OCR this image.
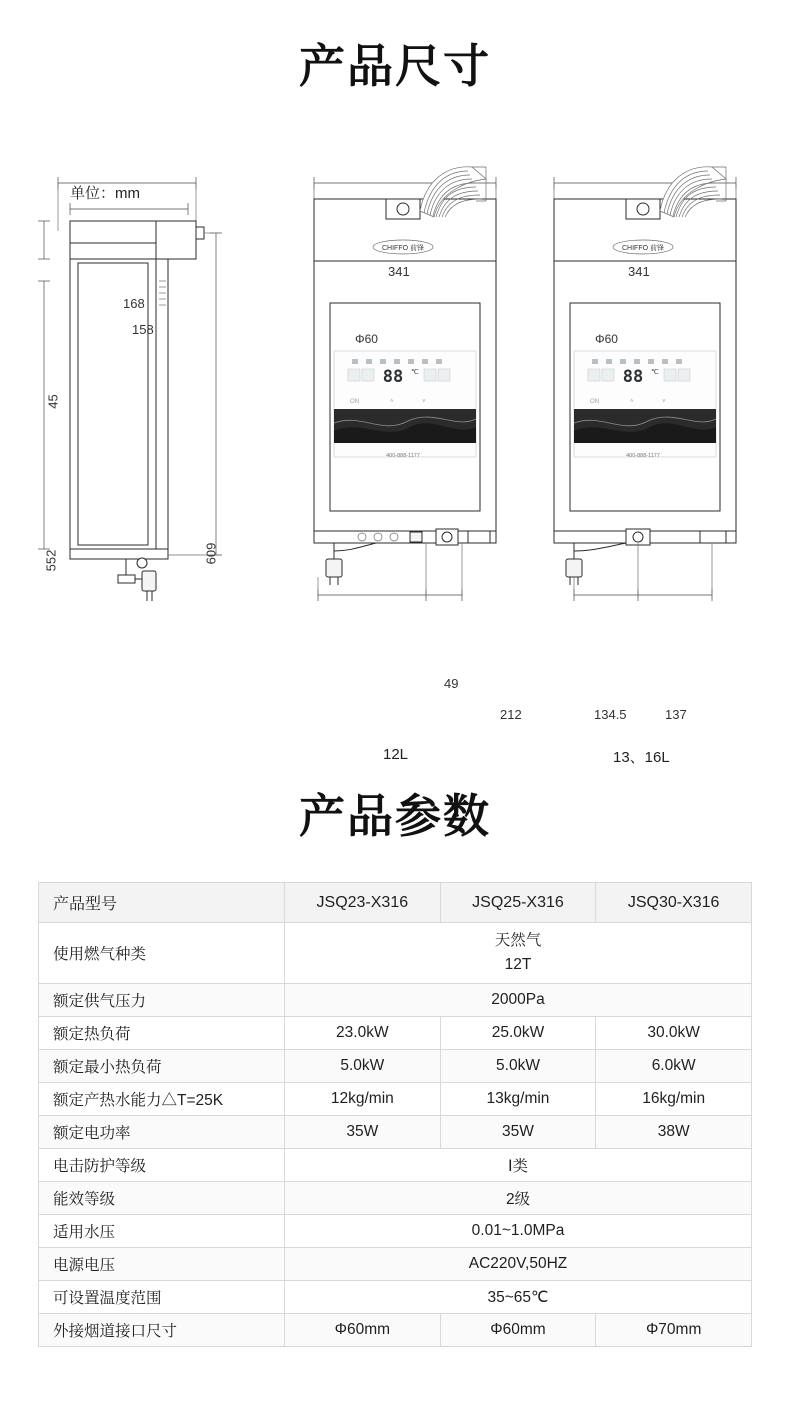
产品尺寸
单位：mm
168
158
45
552	609
CHIFFO 前锋
88 ℃
ON	˄	˅
400-888-1177
341
Φ60
212
12L
CHIFFO 前锋
88 ℃
ON	˄	˅
400-888-1177
341
Φ60
134.5	137
13、16L
49
产品参数
产品型号	JSQ23-X316	JSQ25-X316	JSQ30-X316
使用燃气种类	天然气
12T		

额定供气压力	2000Pa		
额定热负荷	23.0kW	25.0kW	30.0kW
额定最小热负荷	5.0kW	5.0kW	6.0kW
额定产热水能力△T=25K	12kg/min	13kg/min	16kg/min
额定电功率	35W	35W	38W
电击防护等级	Ⅰ类		
能效等级	2级		
适用水压	0.01~1.0MPa		
电源电压	AC220V,50HZ		
可设置温度范围	35~65℃		
外接烟道接口尺寸	Φ60mm	Φ60mm	Φ70mm
